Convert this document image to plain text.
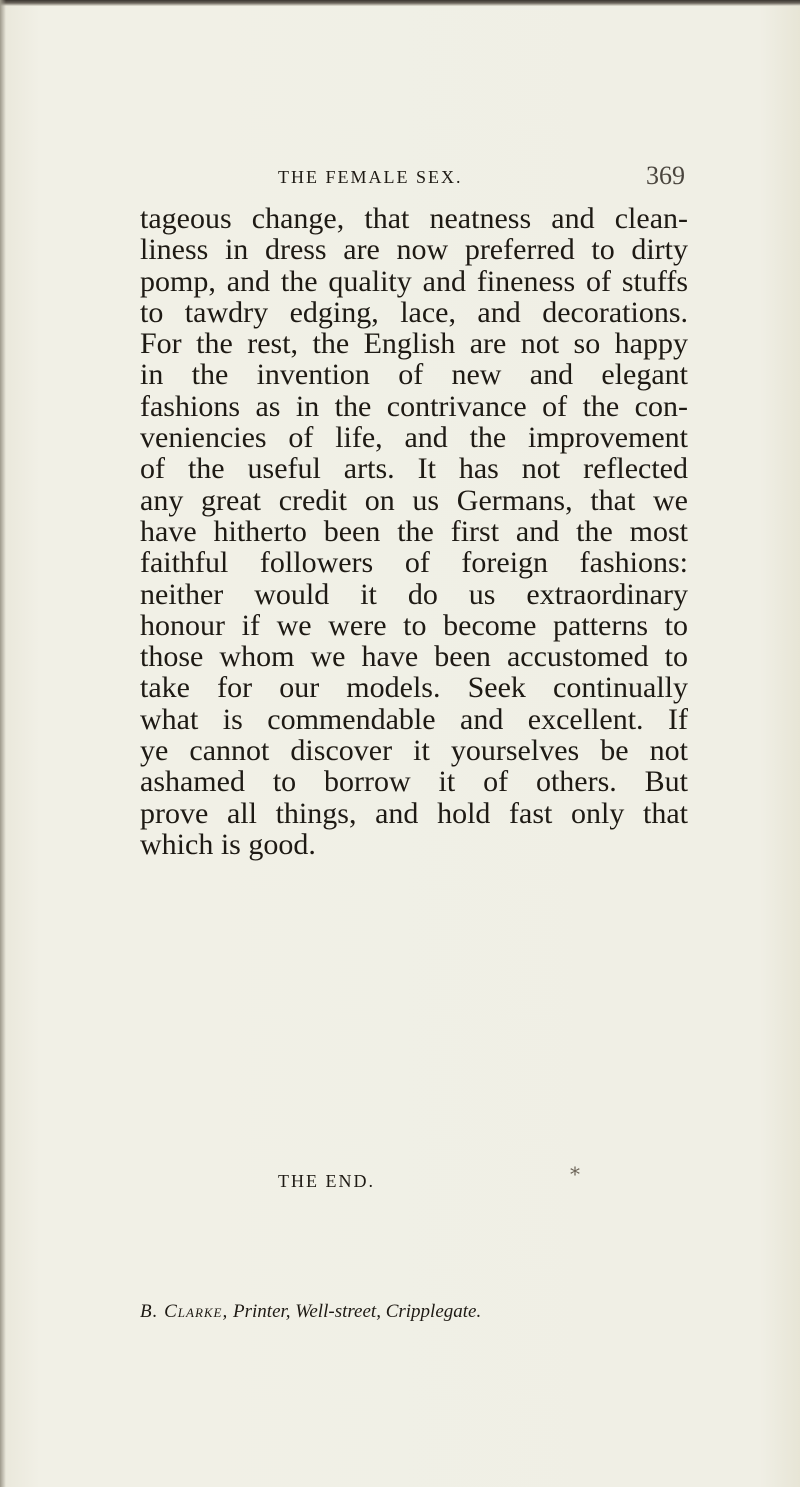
THE FEMALE SEX.	369
tageous change, that neatness and clean-
liness in dress are now preferred to dirty
pomp, and the quality and fineness of stuffs
to tawdry edging, lace, and decorations.
For the rest, the English are not so happy
in the invention of new and elegant
fashions as in the contrivance of the con-
veniencies of life, and the improvement
of the useful arts. It has not reflected
any great credit on us Germans, that we
have hitherto been the first and the most
faithful followers of foreign fashions:
neither would it do us extraordinary
honour if we were to become patterns to
those whom we have been accustomed to
take for our models. Seek continually
what is commendable and excellent. If
ye cannot discover it yourselves be not
ashamed to borrow it of others. But
prove all things, and hold fast only that
which is good.
THE END.	*
B. Clarke, Printer, Well-street, Cripplegate.
